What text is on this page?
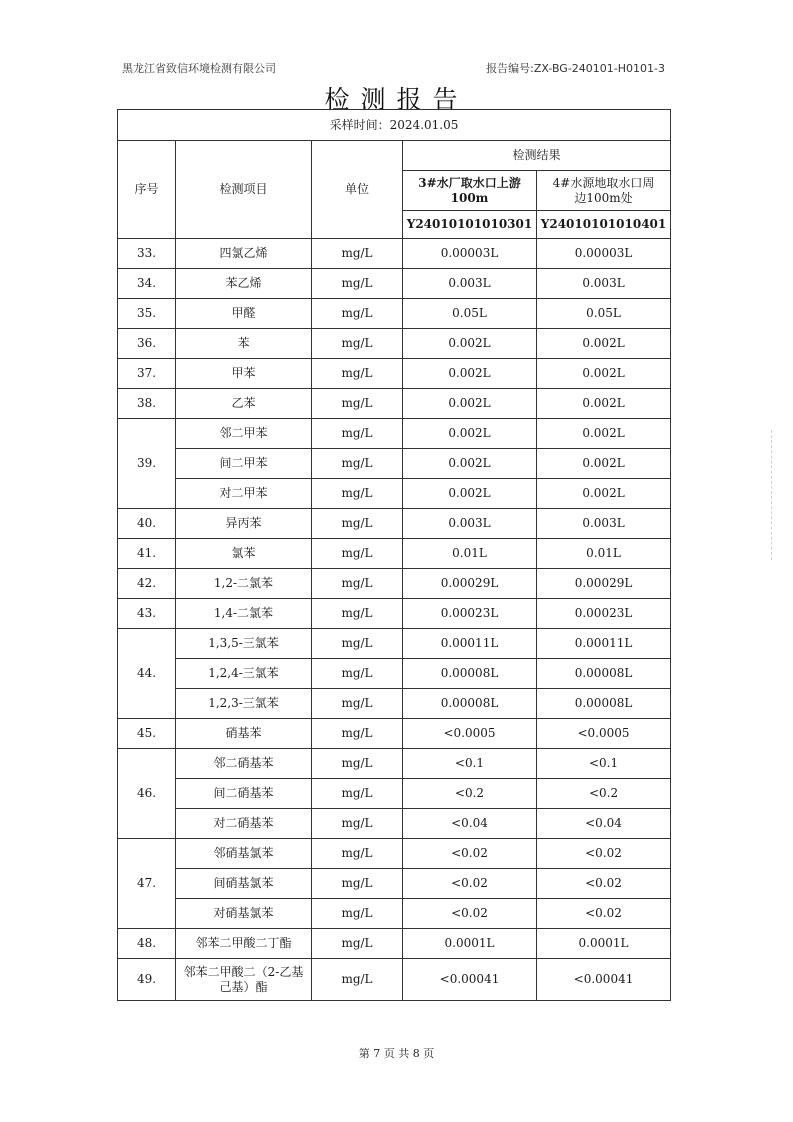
黑龙江省致信环境检测有限公司	报告编号:ZX-BG-240101-H0101-3
检测报告
采样时间：2024.01.05				
序号	检测项目	单位	检测结果	
			3#水厂取水口上游100m	4#水源地取水口周边100m处
			Y24010101010301	Y24010101010401
33.	四氯乙烯	mg/L	0.00003L	0.00003L
34.	苯乙烯	mg/L	0.003L	0.003L
35.	甲醛	mg/L	0.05L	0.05L
36.	苯	mg/L	0.002L	0.002L
37.	甲苯	mg/L	0.002L	0.002L
38.	乙苯	mg/L	0.002L	0.002L
39.	邻二甲苯	mg/L	0.002L	0.002L
	间二甲苯	mg/L	0.002L	0.002L
	对二甲苯	mg/L	0.002L	0.002L
40.	异丙苯	mg/L	0.003L	0.003L
41.	氯苯	mg/L	0.01L	0.01L
42.	1,2-二氯苯	mg/L	0.00029L	0.00029L
43.	1,4-二氯苯	mg/L	0.00023L	0.00023L
44.	1,3,5-三氯苯	mg/L	0.00011L	0.00011L
	1,2,4-三氯苯	mg/L	0.00008L	0.00008L
	1,2,3-三氯苯	mg/L	0.00008L	0.00008L
45.	硝基苯	mg/L	<0.0005	<0.0005
46.	邻二硝基苯	mg/L	<0.1	<0.1
	间二硝基苯	mg/L	<0.2	<0.2
	对二硝基苯	mg/L	<0.04	<0.04
47.	邻硝基氯苯	mg/L	<0.02	<0.02
	间硝基氯苯	mg/L	<0.02	<0.02
	对硝基氯苯	mg/L	<0.02	<0.02
48.	邻苯二甲酸二丁酯	mg/L	0.0001L	0.0001L
49.	邻苯二甲酸二（2-乙基己基）酯	mg/L	<0.00041	<0.00041
第 7 页 共 8 页
